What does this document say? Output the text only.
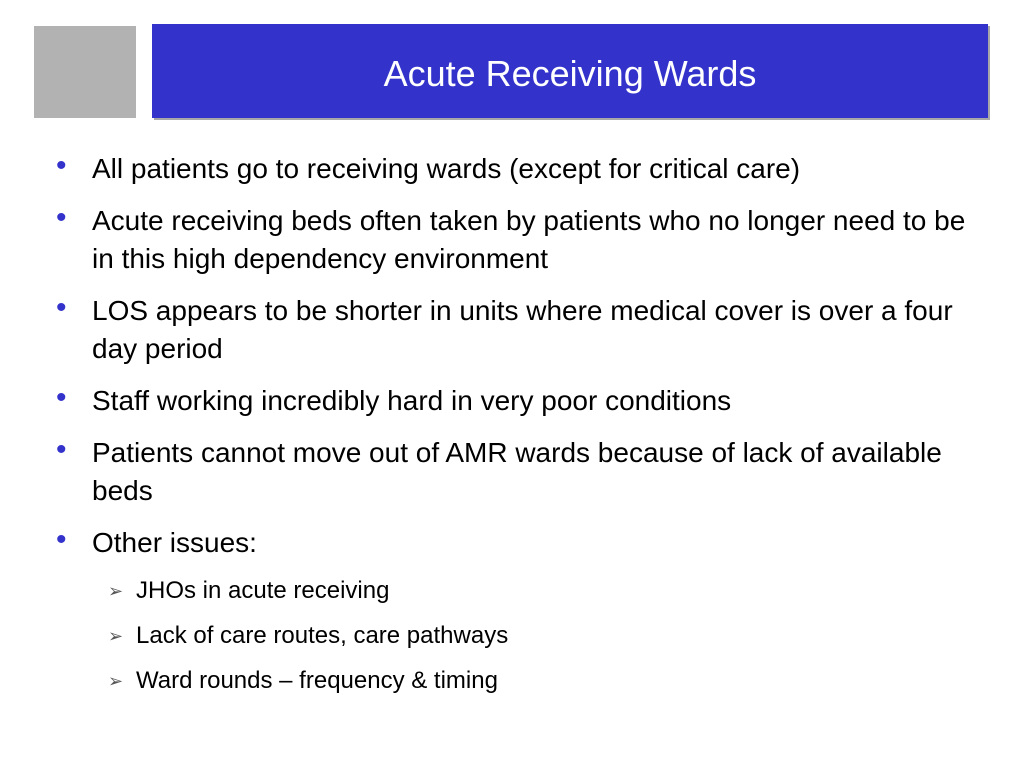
Acute Receiving Wards
• All patients go to receiving wards (except for critical care)
• Acute receiving beds often taken by patients who no longer need to be in this high dependency environment
• LOS appears to be shorter in units where medical cover is over a four day period
• Staff working incredibly hard in very poor conditions
• Patients cannot move out of AMR wards because of lack of available beds
• Other issues:
➢ JHOs in acute receiving
➢ Lack of care routes, care pathways
➢ Ward rounds – frequency & timing
